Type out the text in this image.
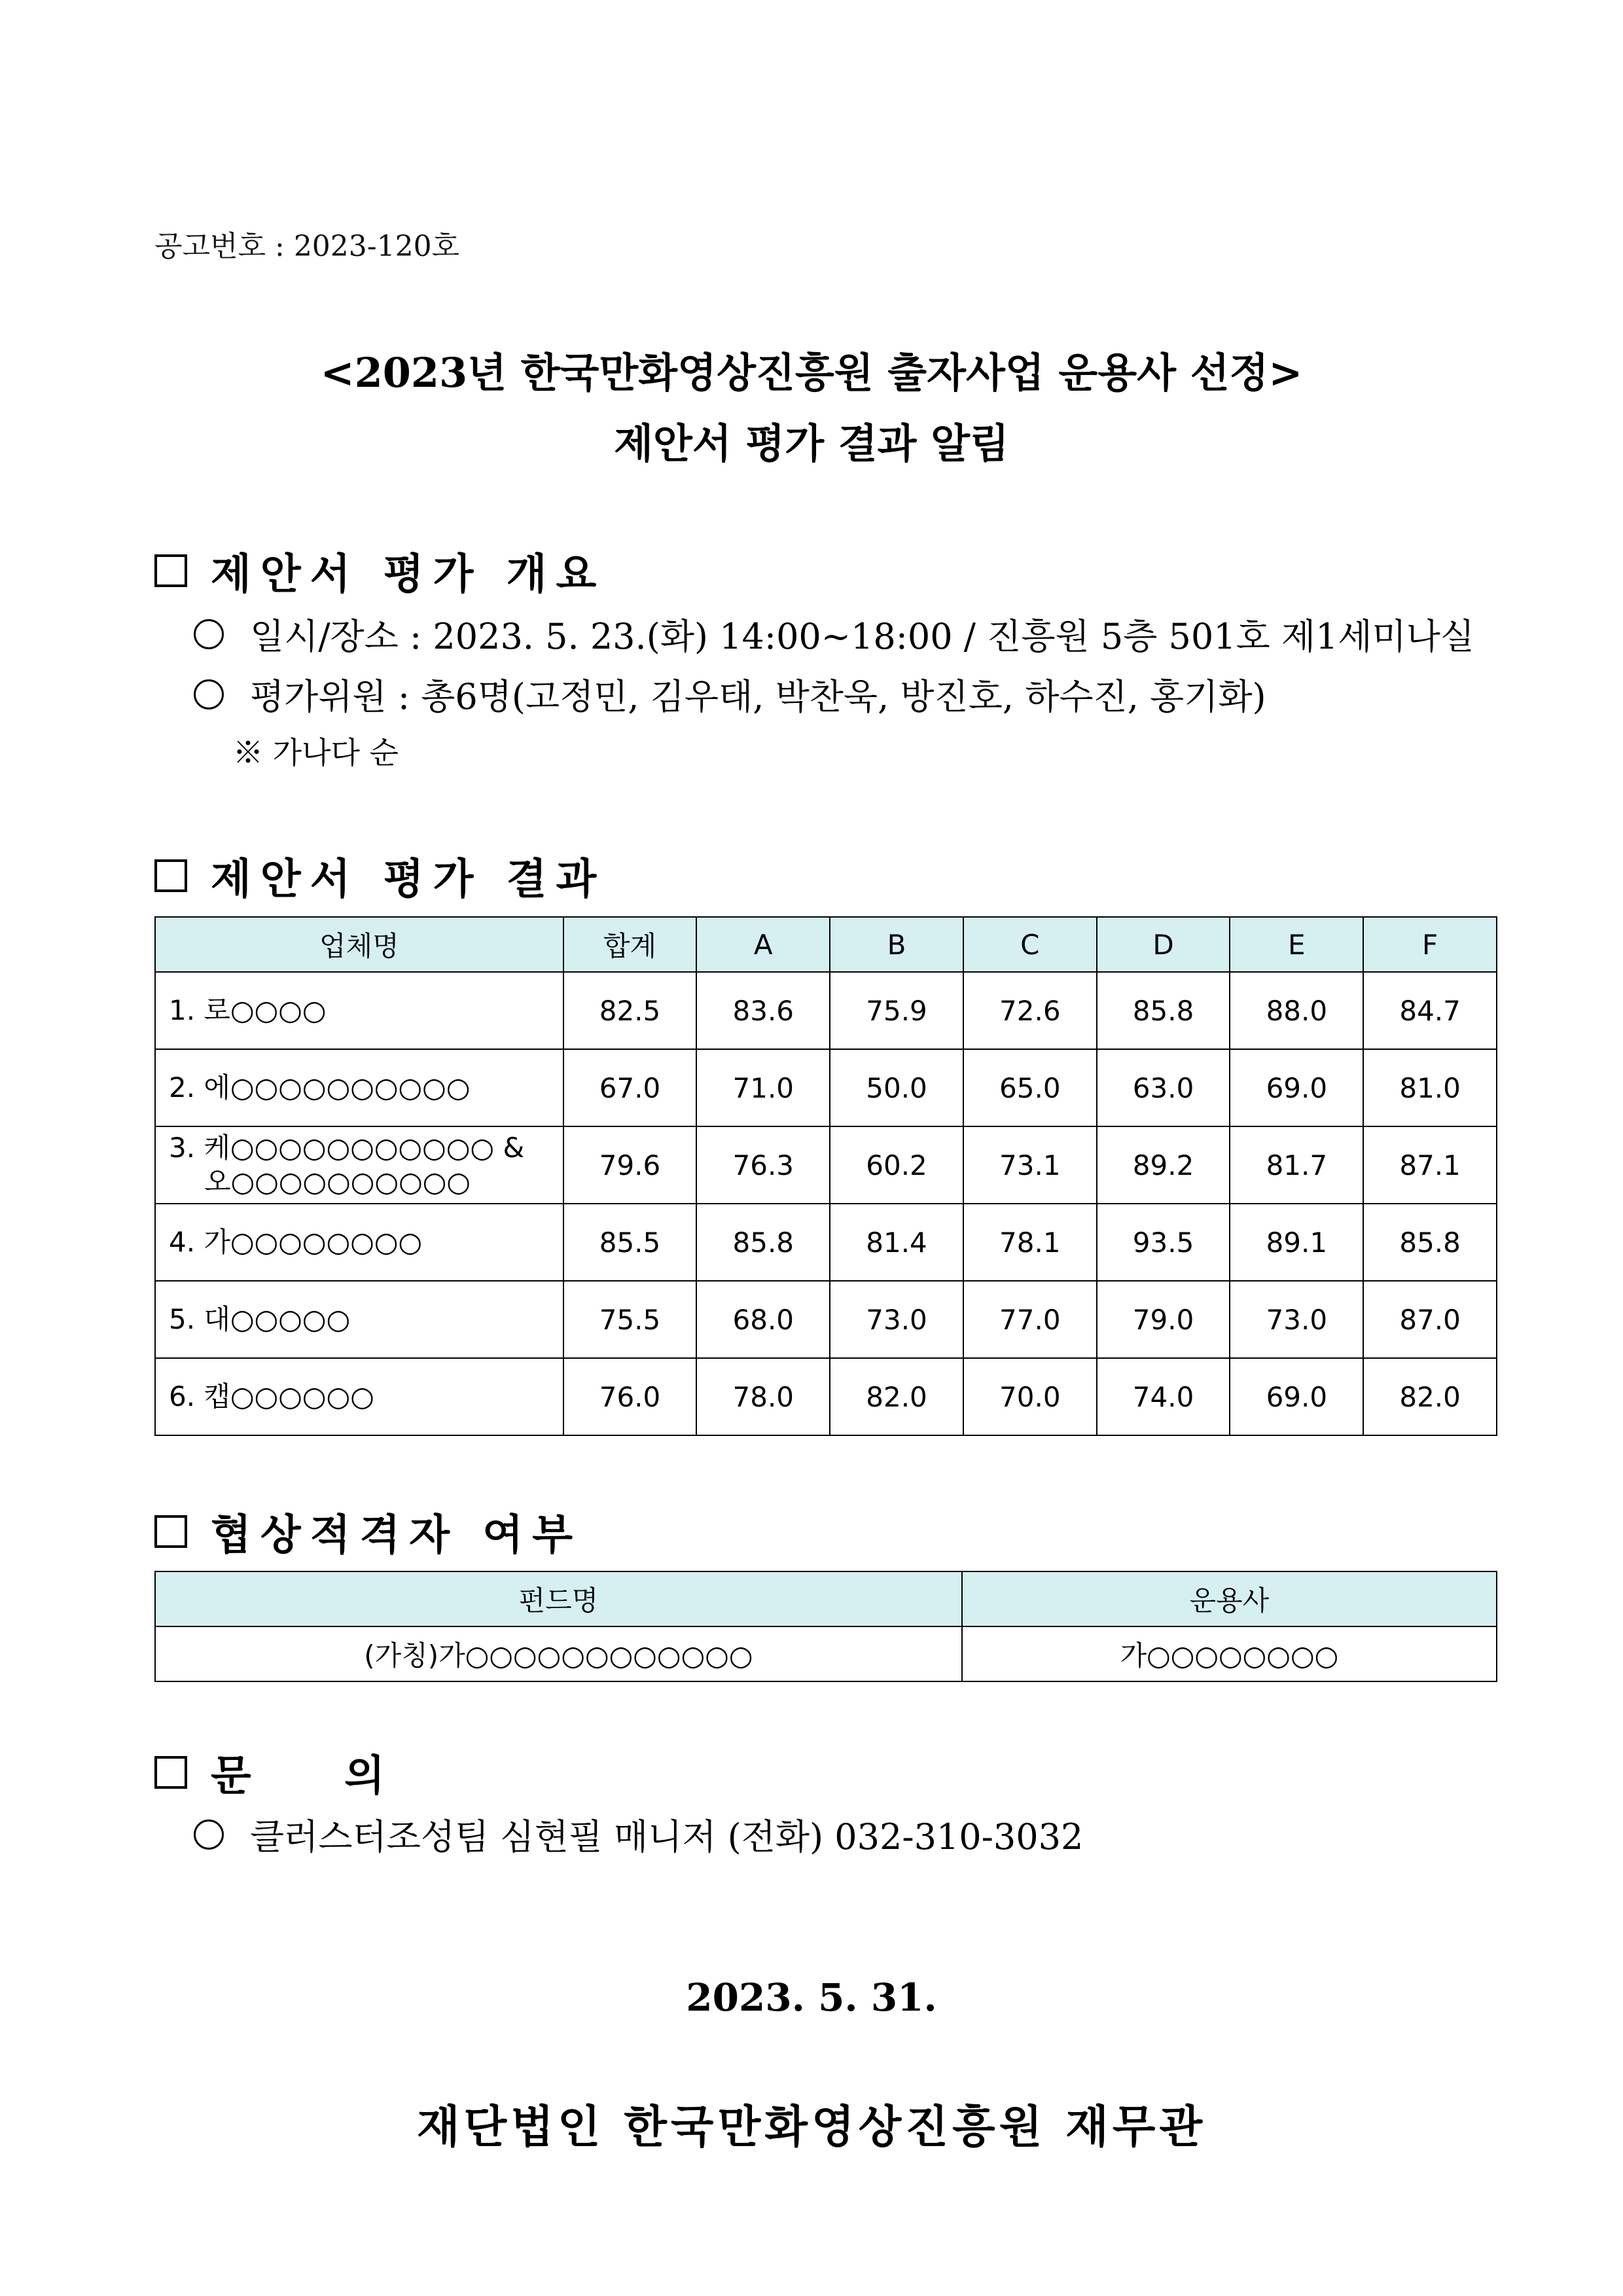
공고번호 : 2023-120호
<2023년 한국만화영상진흥원 출자사업 운용사 선정>
제안서 평가 결과 알림
제안서 평가 개요
일시/장소 : 2023. 5. 23.(화) 14:00~18:00 / 진흥원 5층 501호 제1세미나실
평가위원 : 총6명(고정민, 김우태, 박찬욱, 방진호, 하수진, 홍기화)
※ 가나다 순
제안서 평가 결과
업체명	합계	A	B	C	D	E	F
1. 로○○○○	82.5	83.6	75.9	72.6	85.8	88.0	84.7
2. 에○○○○○○○○○○	67.0	71.0	50.0	65.0	63.0	69.0	81.0

3. 케○○○○○○○○○○○ &
오○○○○○○○○○○	79.6	76.3	60.2	73.1	89.2	81.7	87.1
4. 가○○○○○○○○	85.5	85.8	81.4	78.1	93.5	89.1	85.8
5. 대○○○○○	75.5	68.0	73.0	77.0	79.0	73.0	87.0
6. 캡○○○○○○	76.0	78.0	82.0	70.0	74.0	69.0	82.0
협상적격자 여부
펀드명	운용사
(가칭)가○○○○○○○○○○○○	가○○○○○○○○
문 의
클러스터조성팀 심현필 매니저 (전화) 032-310-3032
2023. 5. 31.
재단법인 한국만화영상진흥원 재무관
